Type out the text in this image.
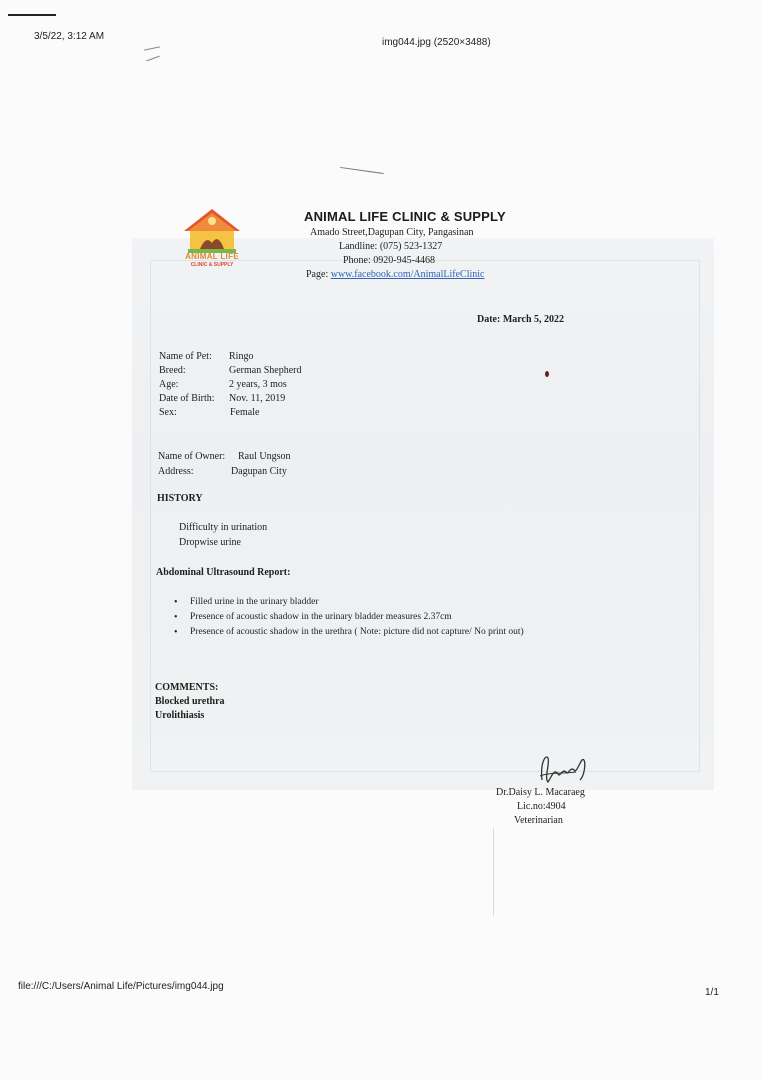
3/5/22, 3:12 AM
img044.jpg (2520×3488)
file:///C:/Users/Animal Life/Pictures/img044.jpg
1/1
ANIMAL LIFE
CLINIC & SUPPLY
ANIMAL LIFE CLINIC & SUPPLY
Amado Street,Dagupan City, Pangasinan
Landline: (075) 523-1327
Phone: 0920-945-4468
Page: www.facebook.com/AnimalLifeClinic
Date: March 5, 2022
Name of Pet:	Ringo
Breed:	German Shepherd
Age:	2 years, 3 mos
Date of Birth:	Nov. 11, 2019
Sex:	Female
Name of Owner:	Raul Ungson
Address:	Dagupan City
HISTORY
Difficulty in urination
Dropwise urine
Abdominal Ultrasound Report:
• Filled urine in the urinary bladder
• Presence of acoustic shadow in the urinary bladder measures 2.37cm
• Presence of acoustic shadow in the urethra ( Note: picture did not capture/ No print out)
COMMENTS:
Blocked urethra
Urolithiasis
Dr.Daisy L. Macaraeg
Lic.no:4904
Veterinarian
